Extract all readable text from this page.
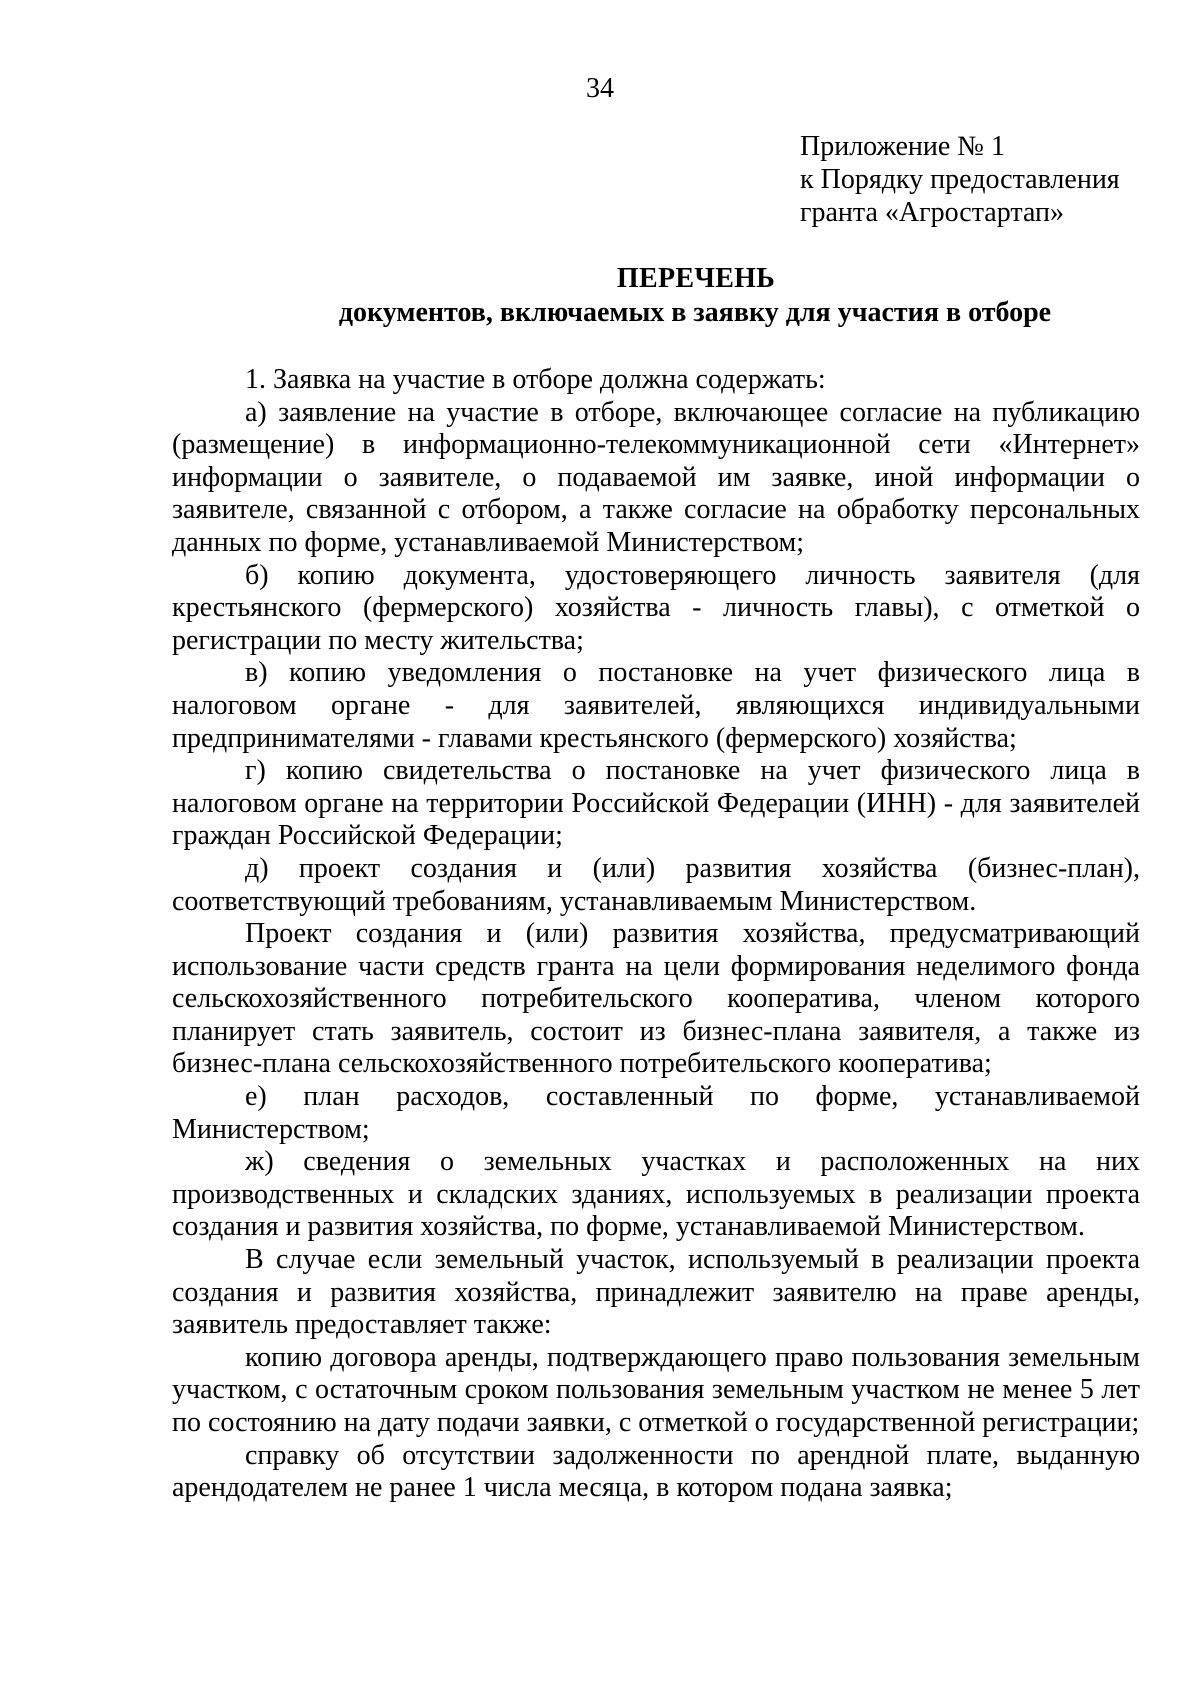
34
Приложение № 1
к Порядку предоставления
гранта «Агростартап»
ПЕРЕЧЕНЬ
документов, включаемых в заявку для участия в отборе

1. Заявка на участие в отборе должна содержать:

а) заявление на участие в отборе, включающее согласие на публикацию (размещение) в информационно-телекоммуникационной сети «Интернет» информации о заявителе, о подаваемой им заявке, иной информации о заявителе, связанной с отбором, а также согласие на обработку персональных данных по форме, устанавливаемой Министерством;

б) копию документа, удостоверяющего личность заявителя (для крестьянского (фермерского) хозяйства - личность главы), с отметкой о регистрации по месту жительства;

в) копию уведомления о постановке на учет физического лица в налоговом органе - для заявителей, являющихся индивидуальными предпринимателями - главами крестьянского (фермерского) хозяйства;

г) копию свидетельства о постановке на учет физического лица в налоговом органе на территории Российской Федерации (ИНН) - для заявителей граждан Российской Федерации;

д) проект создания и (или) развития хозяйства (бизнес-план), соответствующий требованиям, устанавливаемым Министерством.

Проект создания и (или) развития хозяйства, предусматривающий использование части средств гранта на цели формирования неделимого фонда сельскохозяйственного потребительского кооператива, членом которого планирует стать заявитель, состоит из бизнес-плана заявителя, а также из бизнес-плана сельскохозяйственного потребительского кооператива;

е) план расходов, составленный по форме, устанавливаемой Министерством;

ж) сведения о земельных участках и расположенных на них производственных и складских зданиях, используемых в реализации проекта создания и развития хозяйства, по форме, устанавливаемой Министерством.

В случае если земельный участок, используемый в реализации проекта создания и развития хозяйства, принадлежит заявителю на праве аренды, заявитель предоставляет также:

копию договора аренды, подтверждающего право пользования земельным участком, с остаточным сроком пользования земельным участком не менее 5 лет по состоянию на дату подачи заявки, с отметкой о государственной регистрации;

справку об отсутствии задолженности по арендной плате, выданную арендодателем не ранее 1 числа месяца, в котором подана заявка;
